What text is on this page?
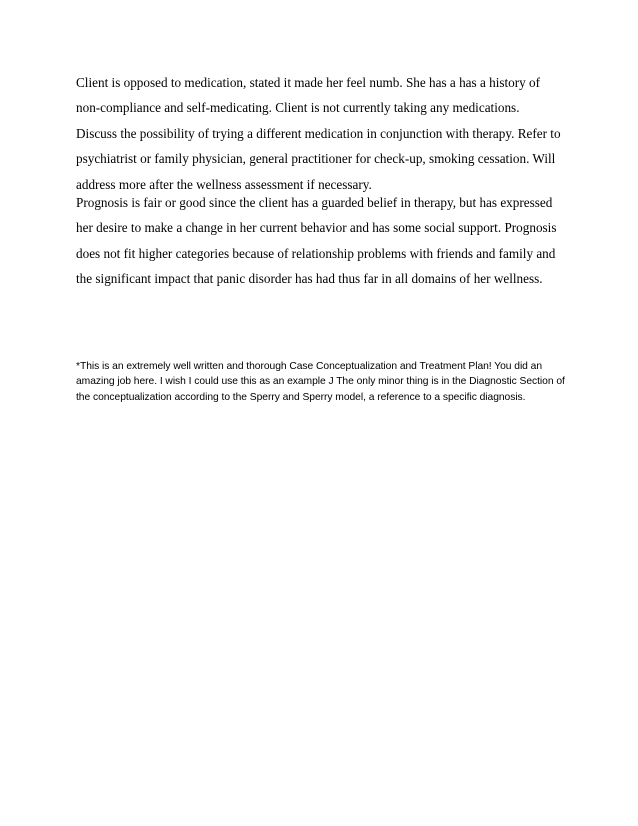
Client is opposed to medication, stated it made her feel numb. She has a has a history of non-compliance and self-medicating. Client is not currently taking any medications. Discuss the possibility of trying a different medication in conjunction with therapy. Refer to psychiatrist or family physician, general practitioner for check-up, smoking cessation. Will address more after the wellness assessment if necessary.

Prognosis is fair or good since the client has a guarded belief in therapy, but has expressed her desire to make a change in her current behavior and has some social support. Prognosis does not fit higher categories because of relationship problems with friends and family and the significant impact that panic disorder has had thus far in all domains of her wellness.

*This is an extremely well written and thorough Case Conceptualization and Treatment Plan! You did an amazing job here. I wish I could use this as an example J The only minor thing is in the Diagnostic Section of the conceptualization according to the Sperry and Sperry model, a reference to a specific diagnosis.
